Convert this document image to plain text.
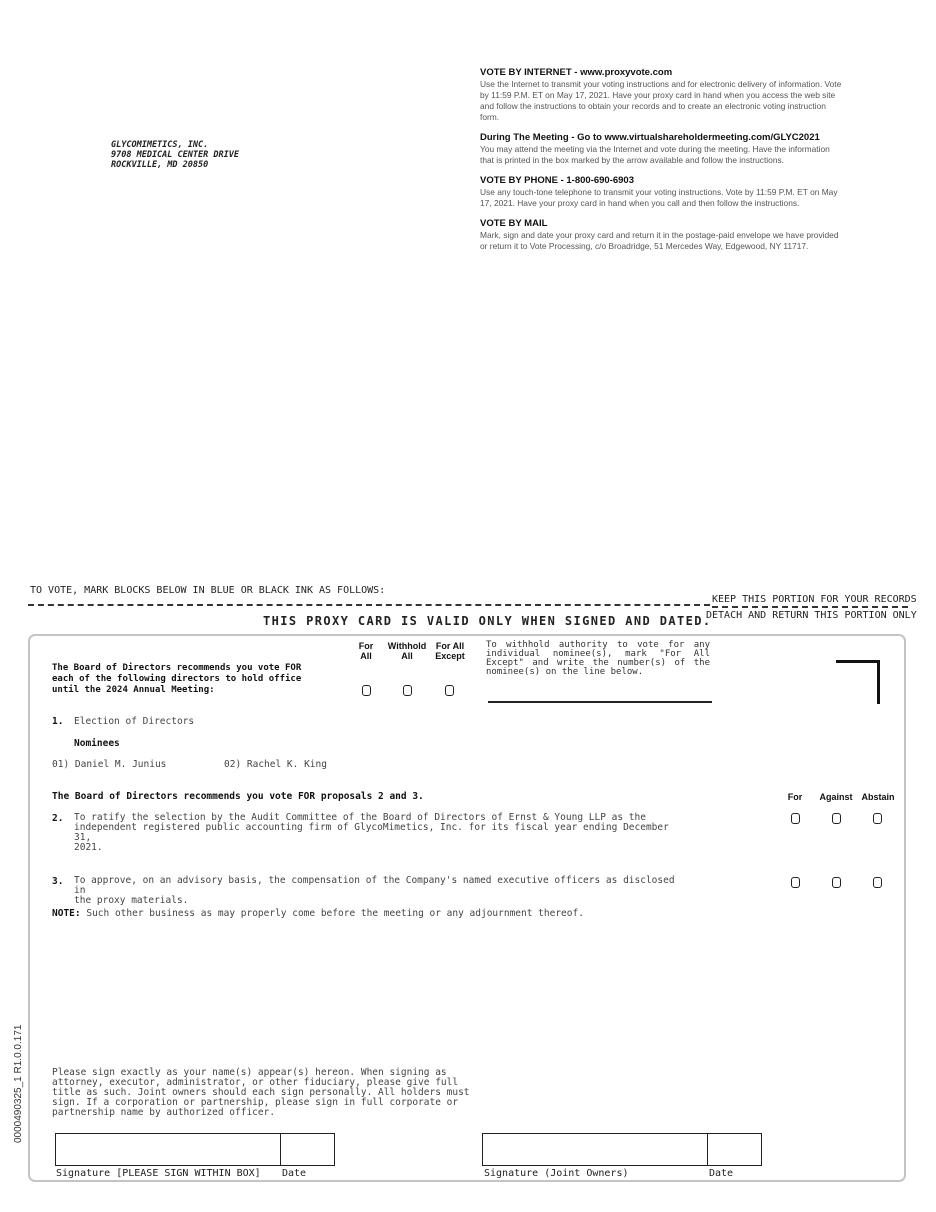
GLYCOMIMETICS, INC.
9708 MEDICAL CENTER DRIVE
ROCKVILLE, MD 20850
VOTE BY INTERNET - www.proxyvote.com
Use the Internet to transmit your voting instructions and for electronic delivery of information. Vote by 11:59 P.M. ET on May 17, 2021. Have your proxy card in hand when you access the web site and follow the instructions to obtain your records and to create an electronic voting instruction form.
During The Meeting - Go to www.virtualshareholdermeeting.com/GLYC2021
You may attend the meeting via the Internet and vote during the meeting. Have the information that is printed in the box marked by the arrow available and follow the instructions.
VOTE BY PHONE - 1-800-690-6903
Use any touch-tone telephone to transmit your voting instructions. Vote by 11:59 P.M. ET on May 17, 2021. Have your proxy card in hand when you call and then follow the instructions.
VOTE BY MAIL
Mark, sign and date your proxy card and return it in the postage-paid envelope we have provided or return it to Vote Processing, c/o Broadridge, 51 Mercedes Way, Edgewood, NY 11717.
TO VOTE, MARK BLOCKS BELOW IN BLUE OR BLACK INK AS FOLLOWS:
KEEP THIS PORTION FOR YOUR RECORDS
DETACH AND RETURN THIS PORTION ONLY
THIS PROXY CARD IS VALID ONLY WHEN SIGNED AND DATED.
For
All
Withhold
All
For All
Except
The Board of Directors recommends you vote FOR
each of the following directors to hold office
until the 2024 Annual Meeting:
To withhold authority to vote for any individual nominee(s), mark "For All Except" and write the number(s) of the nominee(s) on the line below.
1. Election of Directors
Nominees
01) Daniel M. Junius	02) Rachel K. King
The Board of Directors recommends you vote FOR proposals 2 and 3.	For	Against Abstain
2. To ratify the selection by the Audit Committee of the Board of Directors of Ernst & Young LLP as the
independent registered public accounting firm of GlycoMimetics, Inc. for its fiscal year ending December 31,
2021.
3. To approve, on an advisory basis, the compensation of the Company's named executive officers as disclosed in
the proxy materials.
NOTE: Such other business as may properly come before the meeting or any adjournment thereof.
Please sign exactly as your name(s) appear(s) hereon. When signing as
attorney, executor, administrator, or other fiduciary, please give full
title as such. Joint owners should each sign personally. All holders must
sign. If a corporation or partnership, please sign in full corporate or
partnership name by authorized officer.
Signature [PLEASE SIGN WITHIN BOX] Date	Signature (Joint Owners)	Date
0000490325_1 R1.0.0.171
